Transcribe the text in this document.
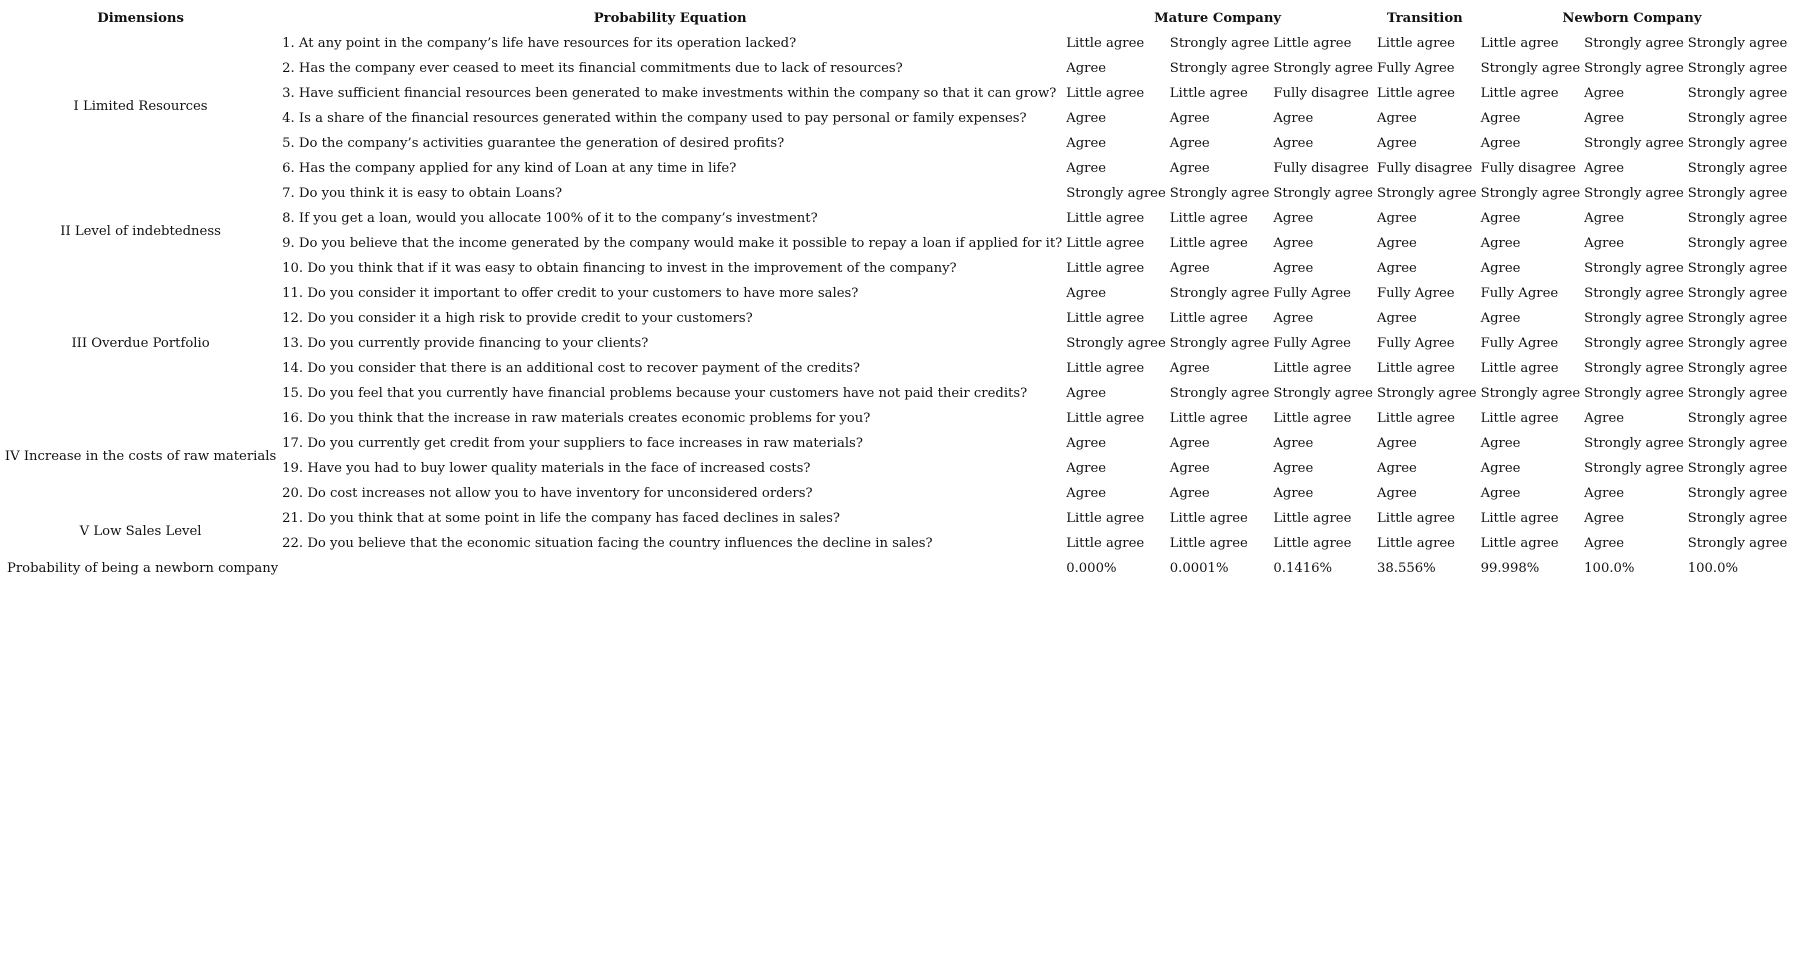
Dimensions	Probability Equation	Mature Company			Transition	Newborn Company		
I Limited Resources	1. At any point in the company’s life have resources for its operation lacked?	Little agree	Strongly agree	Little agree	Little agree	Little agree	Strongly agree	Strongly agree
	2. Has the company ever ceased to meet its financial commitments due to lack of resources?	Agree	Strongly agree	Strongly agree	Fully Agree	Strongly agree	Strongly agree	Strongly agree
	3. Have sufficient financial resources been generated to make investments within the company so that it can grow?	Little agree	Little agree	Fully disagree	Little agree	Little agree	Agree	Strongly agree
	4. Is a share of the financial resources generated within the company used to pay personal or family expenses?	Agree	Agree	Agree	Agree	Agree	Agree	Strongly agree
	5. Do the company’s activities guarantee the generation of desired profits?	Agree	Agree	Agree	Agree	Agree	Strongly agree	Strongly agree
	6. Has the company applied for any kind of Loan at any time in life?	Agree	Agree	Fully disagree	Fully disagree	Fully disagree	Agree	Strongly agree
II Level of indebtedness	7. Do you think it is easy to obtain Loans?	Strongly agree	Strongly agree	Strongly agree	Strongly agree	Strongly agree	Strongly agree	Strongly agree
	8. If you get a loan, would you allocate 100% of it to the company’s investment?	Little agree	Little agree	Agree	Agree	Agree	Agree	Strongly agree
	9. Do you believe that the income generated by the company would make it possible to repay a loan if applied for it?	Little agree	Little agree	Agree	Agree	Agree	Agree	Strongly agree
	10. Do you think that if it was easy to obtain financing to invest in the improvement of the company?	Little agree	Agree	Agree	Agree	Agree	Strongly agree	Strongly agree
III Overdue Portfolio	11. Do you consider it important to offer credit to your customers to have more sales?	Agree	Strongly agree	Fully Agree	Fully Agree	Fully Agree	Strongly agree	Strongly agree
	12. Do you consider it a high risk to provide credit to your customers?	Little agree	Little agree	Agree	Agree	Agree	Strongly agree	Strongly agree
	13. Do you currently provide financing to your clients?	Strongly agree	Strongly agree	Fully Agree	Fully Agree	Fully Agree	Strongly agree	Strongly agree
	14. Do you consider that there is an additional cost to recover payment of the credits?	Little agree	Agree	Little agree	Little agree	Little agree	Strongly agree	Strongly agree
	15. Do you feel that you currently have financial problems because your customers have not paid their credits?	Agree	Strongly agree	Strongly agree	Strongly agree	Strongly agree	Strongly agree	Strongly agree
IV Increase in the costs of raw materials	16. Do you think that the increase in raw materials creates economic problems for you?	Little agree	Little agree	Little agree	Little agree	Little agree	Agree	Strongly agree
	17. Do you currently get credit from your suppliers to face increases in raw materials?	Agree	Agree	Agree	Agree	Agree	Strongly agree	Strongly agree
	19. Have you had to buy lower quality materials in the face of increased costs?	Agree	Agree	Agree	Agree	Agree	Strongly agree	Strongly agree
	20. Do cost increases not allow you to have inventory for unconsidered orders?	Agree	Agree	Agree	Agree	Agree	Agree	Strongly agree
V Low Sales Level	21. Do you think that at some point in life the company has faced declines in sales?	Little agree	Little agree	Little agree	Little agree	Little agree	Agree	Strongly agree
	22. Do you believe that the economic situation facing the country influences the decline in sales?	Little agree	Little agree	Little agree	Little agree	Little agree	Agree	Strongly agree
Probability of being a newborn company		0.000%	0.0001%	0.1416%	38.556%	99.998%	100.0%	100.0%
